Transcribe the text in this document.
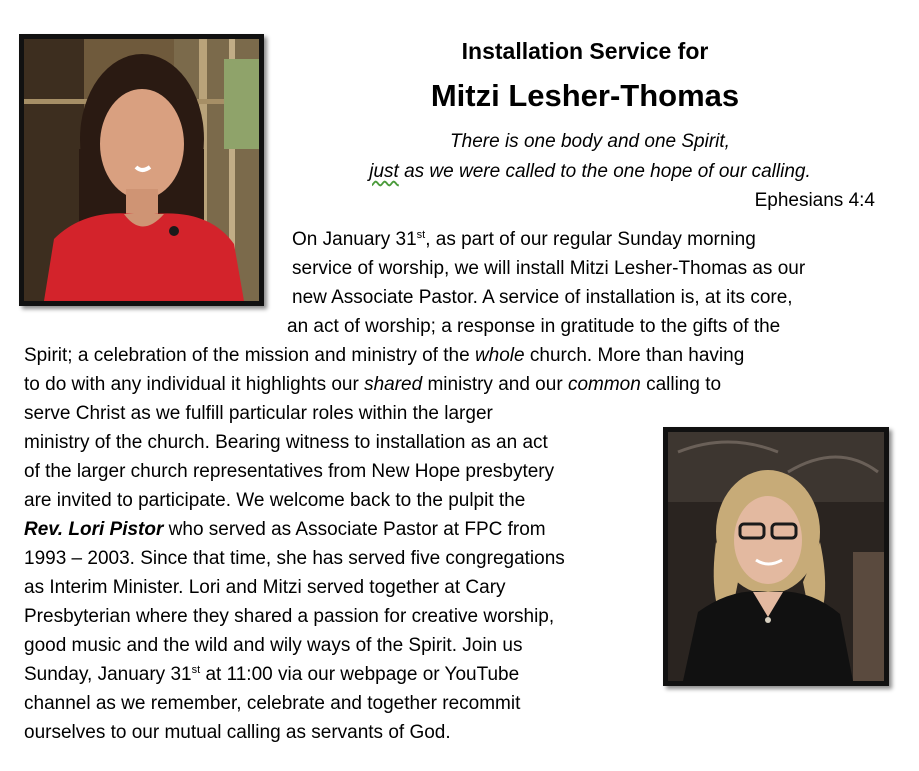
Installation Service for
Mitzi Lesher-Thomas
There is one body and one Spirit,
just as we were called to the one hope of our calling.
Ephesians 4:4
On January 31st, as part of our regular Sunday morning
service of worship, we will install Mitzi Lesher-Thomas as our
new Associate Pastor. A service of installation is, at its core,
an act of worship; a response in gratitude to the gifts of the
Spirit; a celebration of the mission and ministry of the whole church. More than having
to do with any individual it highlights our shared ministry and our common calling to
serve Christ as we fulfill particular roles within the larger
ministry of the church. Bearing witness to installation as an act
of the larger church representatives from New Hope presbytery
are invited to participate. We welcome back to the pulpit the
Rev. Lori Pistor who served as Associate Pastor at FPC from
1993 – 2003. Since that time, she has served five congregations
as Interim Minister. Lori and Mitzi served together at Cary
Presbyterian where they shared a passion for creative worship,
good music and the wild and wily ways of the Spirit. Join us
Sunday, January 31st at 11:00 via our webpage or YouTube
channel as we remember, celebrate and together recommit
ourselves to our mutual calling as servants of God.
